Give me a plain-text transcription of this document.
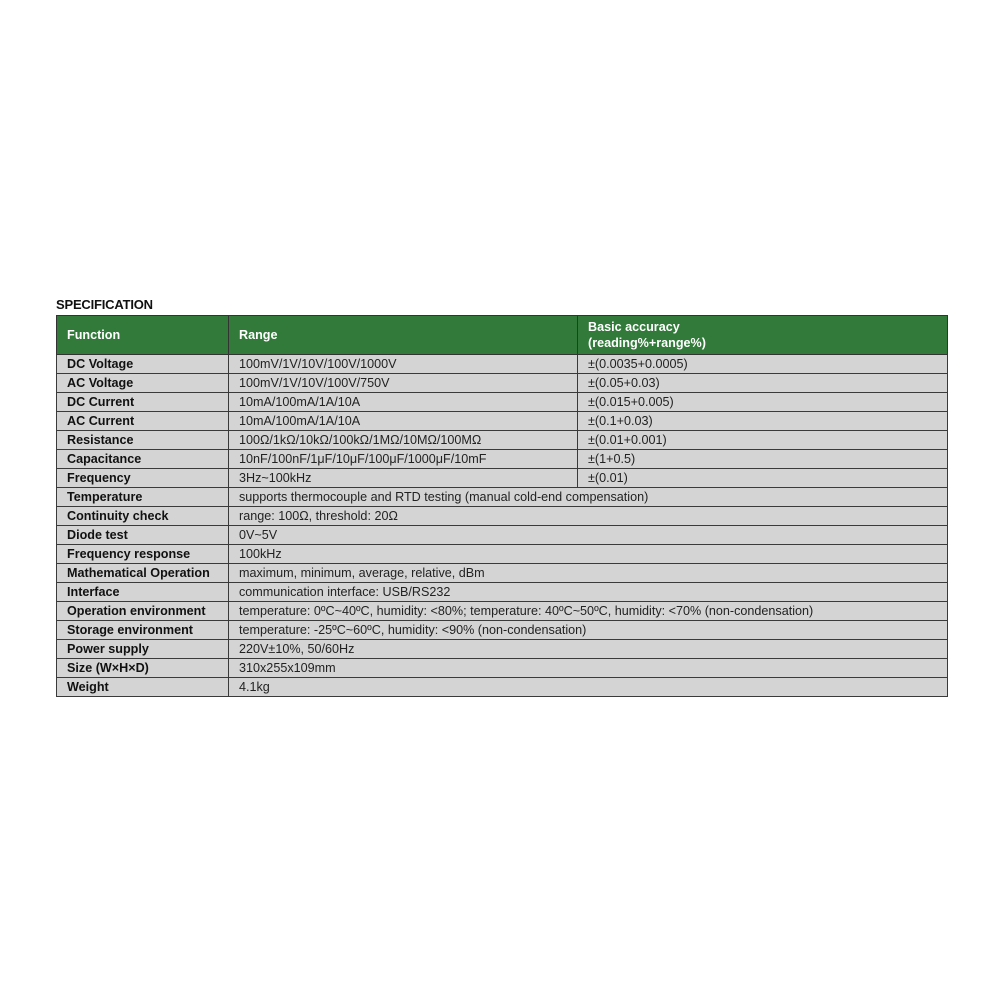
SPECIFICATION
Function	Range	Basic accuracy
(reading%+range%)
DC Voltage	100mV/1V/10V/100V/1000V	±(0.0035+0.0005)
AC Voltage	100mV/1V/10V/100V/750V	±(0.05+0.03)
DC Current	10mA/100mA/1A/10A	±(0.015+0.005)
AC Current	10mA/100mA/1A/10A	±(0.1+0.03)
Resistance	100Ω/1kΩ/10kΩ/100kΩ/1MΩ/10MΩ/100MΩ	±(0.01+0.001)
Capacitance	10nF/100nF/1μF/10μF/100μF/1000μF/10mF	±(1+0.5)
Frequency	3Hz~100kHz	±(0.01)
Temperature	supports thermocouple and RTD testing (manual cold-end compensation)	
Continuity check	range: 100Ω, threshold: 20Ω	
Diode test	0V~5V	
Frequency response	100kHz	
Mathematical Operation	maximum, minimum, average, relative, dBm	
Interface	communication interface: USB/RS232	
Operation environment	temperature: 0ºC~40ºC, humidity: <80%; temperature: 40ºC~50ºC, humidity: <70% (non-condensation)	
Storage environment	temperature: -25ºC~60ºC, humidity: <90% (non-condensation)	
Power supply	220V±10%, 50/60Hz	
Size (W×H×D)	310x255x109mm	
Weight	4.1kg	
